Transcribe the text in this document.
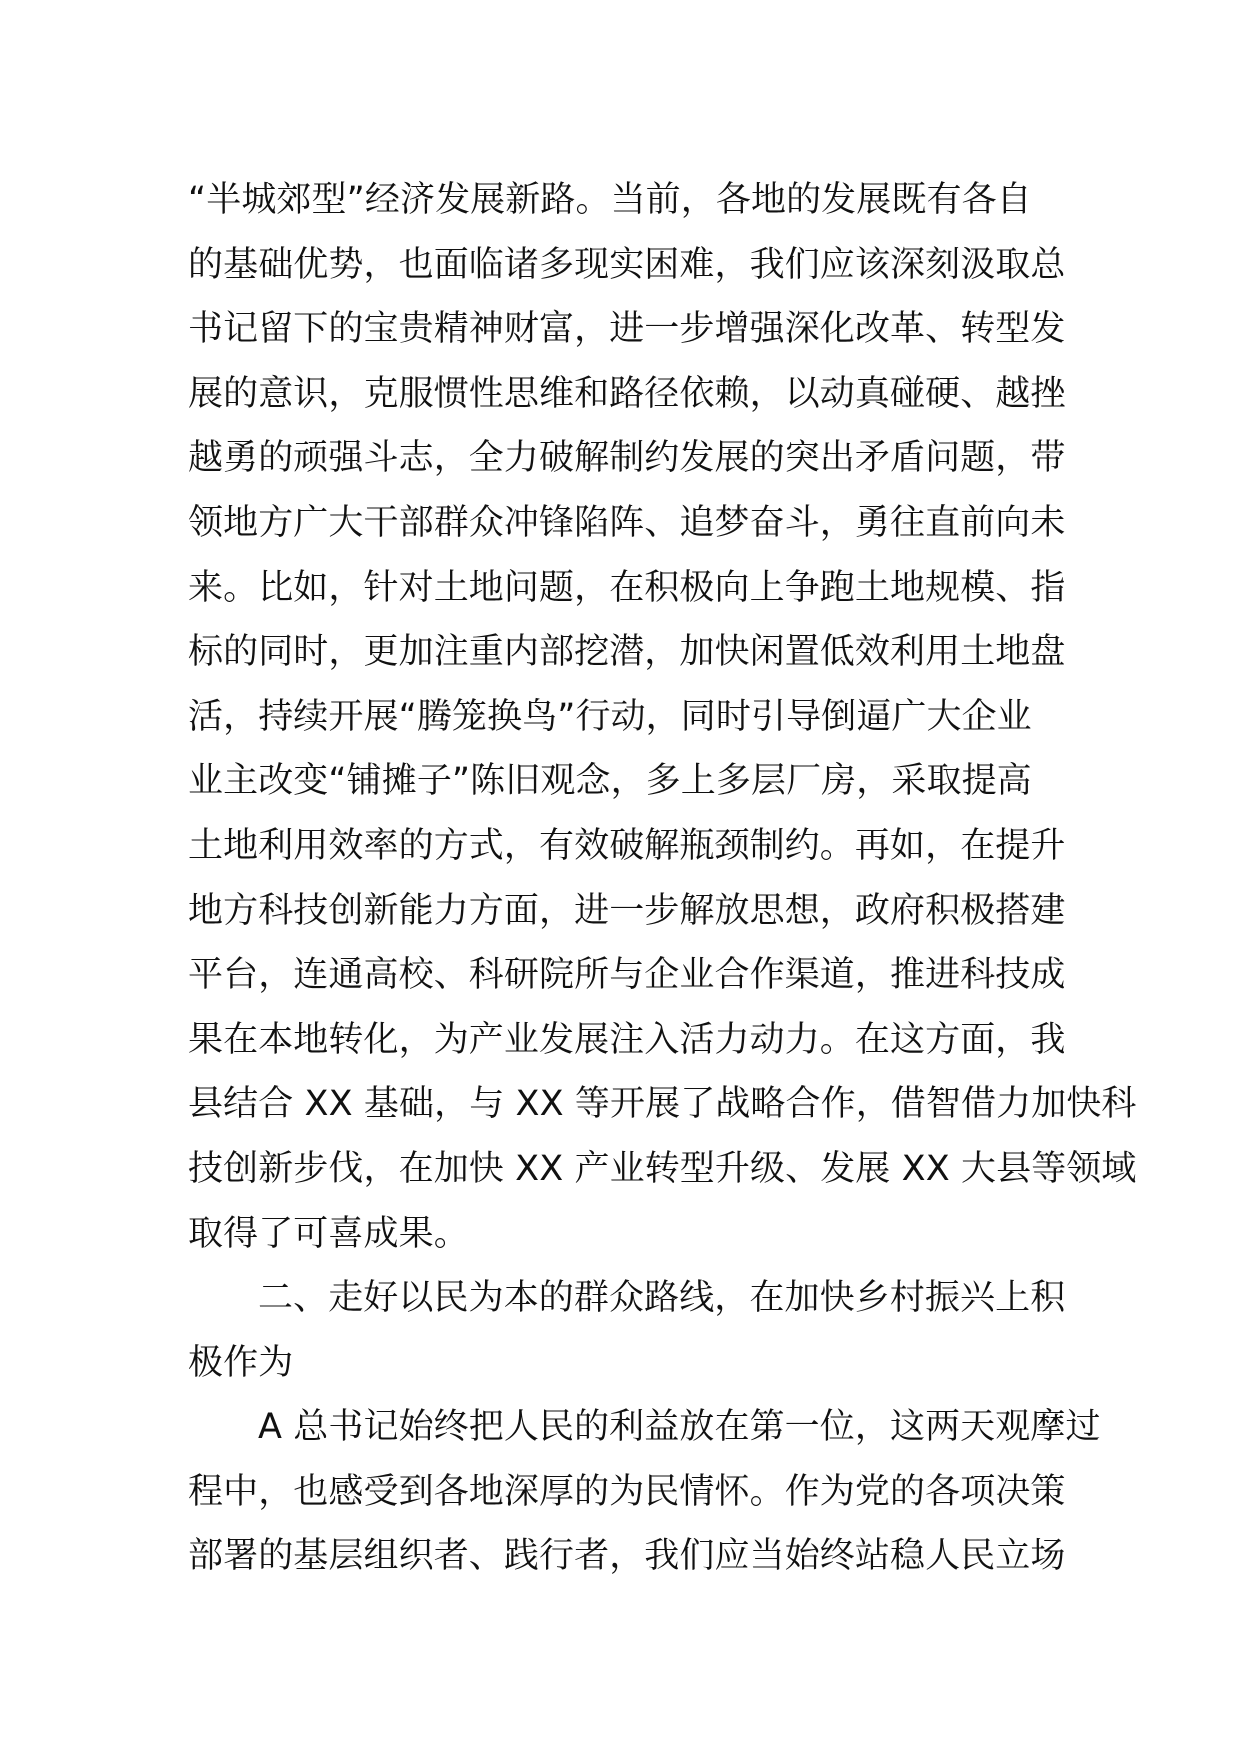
“半城郊型”经济发展新路。当前，各地的发展既有各自
的基础优势，也面临诸多现实困难，我们应该深刻汲取总
书记留下的宝贵精神财富，进一步增强深化改革、转型发
展的意识，克服惯性思维和路径依赖，以动真碰硬、越挫
越勇的顽强斗志，全力破解制约发展的突出矛盾问题，带
领地方广大干部群众冲锋陷阵、追梦奋斗，勇往直前向未
来。比如，针对土地问题，在积极向上争跑土地规模、指
标的同时，更加注重内部挖潜，加快闲置低效利用土地盘
活，持续开展“腾笼换鸟”行动，同时引导倒逼广大企业
业主改变“铺摊子”陈旧观念，多上多层厂房，采取提高
土地利用效率的方式，有效破解瓶颈制约。再如，在提升
地方科技创新能力方面，进一步解放思想，政府积极搭建
平台，连通高校、科研院所与企业合作渠道，推进科技成
果在本地转化，为产业发展注入活力动力。在这方面，我
县结合 XX 基础，与 XX 等开展了战略合作，借智借力加快科
技创新步伐，在加快 XX 产业转型升级、发展 XX 大县等领域
取得了可喜成果。
二、走好以民为本的群众路线，在加快乡村振兴上积
极作为
A 总书记始终把人民的利益放在第一位，这两天观摩过
程中，也感受到各地深厚的为民情怀。作为党的各项决策
部署的基层组织者、践行者，我们应当始终站稳人民立场
